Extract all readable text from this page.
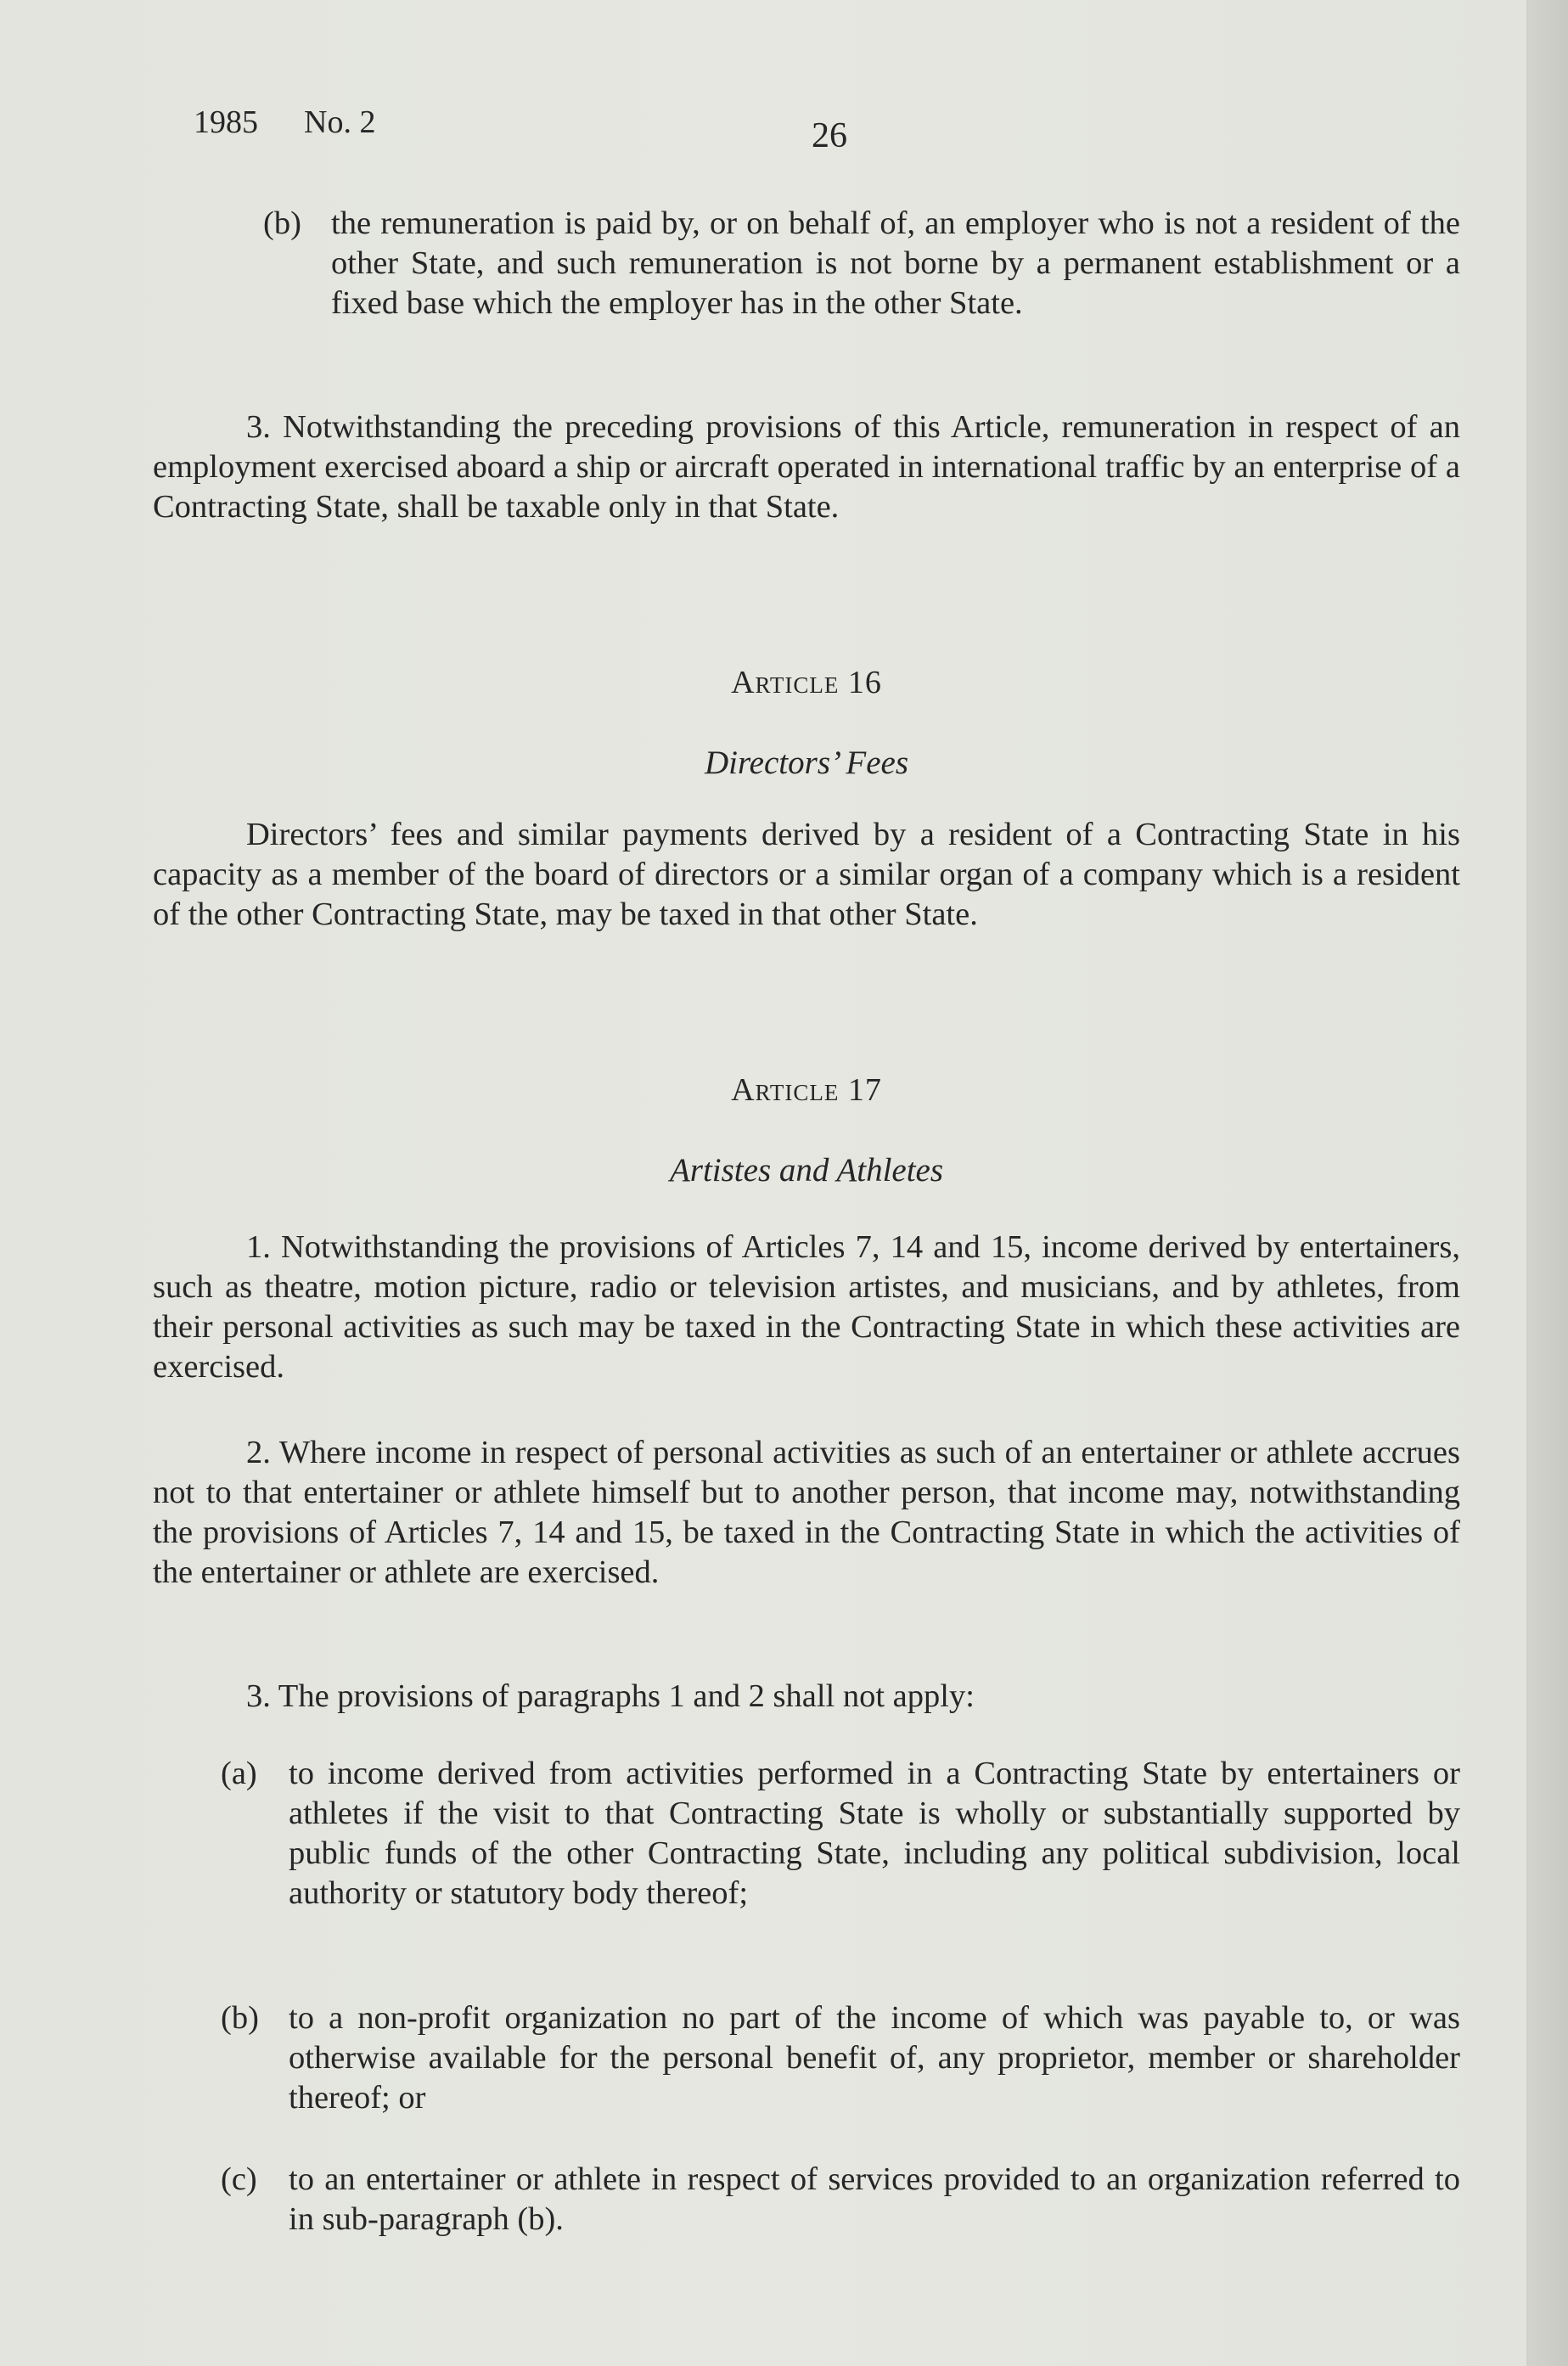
1985 No. 2	26
(b) the remuneration is paid by, or on behalf of, an employer who is not a resident of the other State, and such remuneration is not borne by a permanent establishment or a fixed base which the employer has in the other State.

3. Notwithstanding the preceding provisions of this Article, remuneration in respect of an employment exercised aboard a ship or aircraft operated in international traffic by an enterprise of a Contracting State, shall be taxable only in that State.

Article 16
Directors’ Fees

Directors’ fees and similar payments derived by a resident of a Contracting State in his capacity as a member of the board of directors or a similar organ of a company which is a resident of the other Contracting State, may be taxed in that other State.

Article 17
Artistes and Athletes

1. Notwithstanding the provisions of Articles 7, 14 and 15, income derived by entertainers, such as theatre, motion picture, radio or television artistes, and musicians, and by athletes, from their personal activities as such may be taxed in the Contracting State in which these activities are exercised.

2. Where income in respect of personal activities as such of an entertainer or athlete accrues not to that entertainer or athlete himself but to another person, that income may, notwithstanding the provisions of Articles 7, 14 and 15, be taxed in the Contracting State in which the activities of the entertainer or athlete are exercised.

3. The provisions of paragraphs 1 and 2 shall not apply:

(a) to income derived from activities performed in a Contracting State by entertainers or athletes if the visit to that Contracting State is wholly or substantially supported by public funds of the other Contracting State, including any political subdivision, local authority or statutory body thereof;

(b) to a non-profit organization no part of the income of which was payable to, or was otherwise available for the personal benefit of, any proprietor, member or shareholder thereof; or

(c) to an entertainer or athlete in respect of services provided to an organization referred to in sub-paragraph (b).
